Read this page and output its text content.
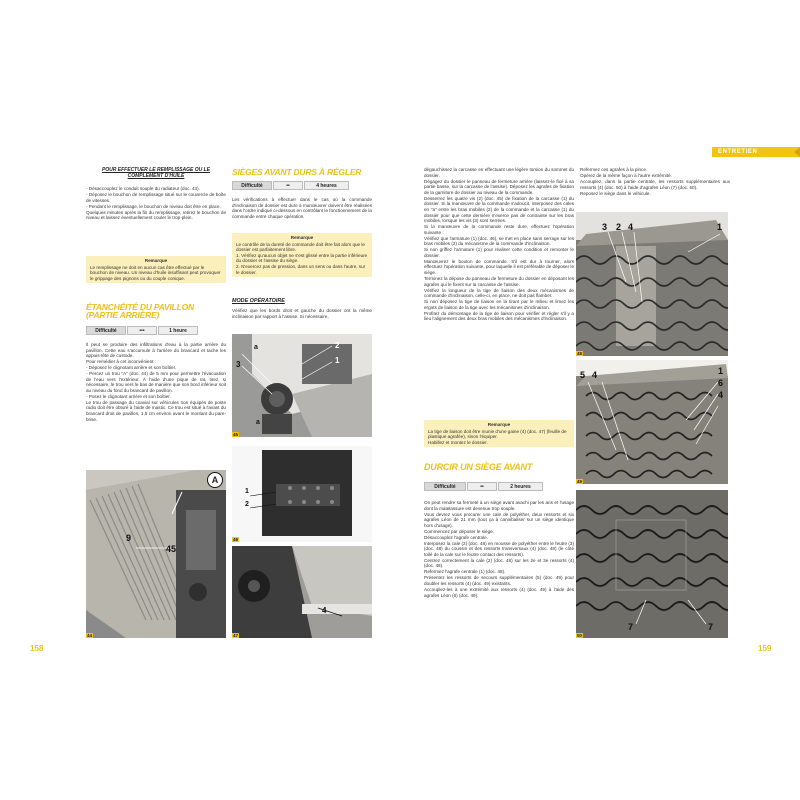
ENTRETIEN
POUR EFFECTUER LE REMPLISSAGE OU LE COMPLÉMENT D'HUILE

- Désaccouplez le conduit souple du radiateur (doc. 43).

- Déposez le bouchon de remplissage situé sur le couvercle de boîte de vitesses.

- Pendant le remplissage, le bouchon de niveau doit être en place.

Quelques minutes après la fin du remplissage, retirez le bouchon de niveau et laissez éventuellement couler le trop-plein.

Remarque
Le remplissage ne doit en aucun cas être effectué par le bouchon de niveau. Un niveau d'huile insuffisant peut provoquer le grippage des pignons ou du couple conique.
ÉTANCHÉITÉ DU PAVILLON (PARTIE ARRIÈRE)
Difficulté	•••	1 heure

Il peut se produire des infiltrations d'eau à la partie arrière du pavillon. Cette eau s'accumule à l'arrière du brancard et tache les appuis-tête de custode.

Pour remédier à cet inconvénient :

- Déposez le clignotant arrière et son boîtier.

- Percez un trou "A" (doc. 44) de 5 mm pour permettre l'évacuation de l'eau vers l'extérieur. À l'aide d'une pique de rat, tirez, si nécessaire, le trou vers le bas de manière que son bord inférieur soit au niveau du fond du brancard de pavillon.

- Posez le clignotant arrière et son boîtier.

Le trou de passage du coaxial sur véhicules non équipés de poste radio doit être obturé à l'aide de mastic. Ce trou est situé à l'avant du brancard droit de pavillon, 1,5 cm environ avant le montant du pare-brise.

A
9
45
44
SIÈGES AVANT DURS À RÉGLER
Difficulté	••	4 heures
Les vérifications à effectuer dans le cas où la commande d'inclinaison de dossier est dure à manœuvrer doivent être réalisées dans l'ordre indiqué ci-dessous en contrôlant le fonctionnement de la commande entre chaque opération.
Remarque
Le contrôle de la dureté de commande doit être fait alors que le dossier est parfaitement libre.
1. Vérifiez qu'aucun objet ne s'est glissé entre la partie inférieure du dossier et l'assise du siège.
2. N'exercez pas de pression, dans un sens ou dans l'autre, sur le dossier.
MODE OPÉRATOIRE
Vérifiez que les bords droit et gauche du dossier ont la même inclinaison par rapport à l'assise. Si nécessaire,
a
3
2
1
a
45
1
2
46
4
47
158

dégauchissez la carcasse en effectuant une légère torsion du sommet du dossier.

Dégagez du dossier le panneau de fermeture arrière (laissez-le fixé à sa partie basse, sur la carcasse de l'assise). Déposez les agrafes de fixation de la garniture de dossier au niveau de la commande.

Desserrez les quatre vis (2) (doc. 45) de fixation de la carcasse (1) du dossier. Si la manœuvre de la commande s'adoucit, interposez des cales en "a" entre les bras mobiles (2) de la commande et la carcasse (1) du dossier pour que cette dernière n'exerce pas de contrainte sur les bras mobiles, lorsque les vis (3) sont serrées.

Si la manœuvre de la commande reste dure, effectuez l'opération suivante :

Vérifiez que l'armature (1) (doc. 46), se met en place sans serrage sur les bras mobiles (2) du mécanisme de la commande d'inclinaison.

Si non griffez l'armature (1) pour réaliser cette condition et remonter le dossier.

Manœuvrez le bouton de commande. S'il est dur à tourner, alors effectuez l'opération suivante, pour laquelle il est préférable de déposer le siège.

Terminez la dépose du panneau de fermeture du dossier en déposant les agrafes qui le fixent sur la carcasse de l'assise.

Vérifiez la longueur de la tige de liaison des deux mécanismes de commande d'inclinaison, celle-ci, en place, ne doit pas flamber.

Si non déposez la tige de liaison en la tirant par le milieu et limez les ergots de liaison de la tige avec les mécanismes d'inclinaison.

Profitez du démontage de la tige de liaison pour vérifier et régler s'il y a lieu l'alignement des deux bras mobiles des mécanismes d'inclinaison.

Remarque
La tige de liaison doit être munie d'une gaine (4) (doc. 47) (feuille de plastique agrafée), sinon l'équiper.
Habillez et montez le dossier.
DURCIR UN SIÈGE AVANT
Difficulté	••	2 heures

On peut rendre sa fermeté à un siège avant avachi par les ans et l'usage dont la matelassure est devenue trop souple.

Vous devrez vous procurer une cale de polyéther, deux ressorts et six agrafes Léon de 21 mm (tout ça à cannibaliser sur un siège identique hors d'usage).

Commencez par déposer le siège.

Désaccouplez l'agrafe centrale.

Interposez la cale (2) (doc. 48) en mousse de polyéther entre le feutre (3) (doc. 48) du coussin et des ressorts transversaux (4) (doc. 48) (le côté toilé de la cale sur le feutre contact des ressorts).

Centrez correctement la cale (2) (doc. 48) sur les 2e et 3e ressorts (4) (doc. 48).

Refermez l'agrafe centrale (1) (doc. 48).

Présentez les ressorts de secours supplémentaires (5) (doc. 49) pour doubler les ressorts (4) (doc. 49) existants.

Accouplez-les à une extrémité aux ressorts (4) (doc. 49) à l'aide des agrafes Léon (6) (doc. 49).

Refermez ces agrafes à la pince.

Opérez de la même façon à l'autre extrémité.

Accouplez, dans la partie centrale, les ressorts supplémentaires aux ressorts (4) (doc. 50) à l'aide d'agrafes Léon (7) (doc. 50).

Reposez le siège dans le véhicule.

3 2 4	1
48
5 4	1
6
4
49
7	7
50
159
